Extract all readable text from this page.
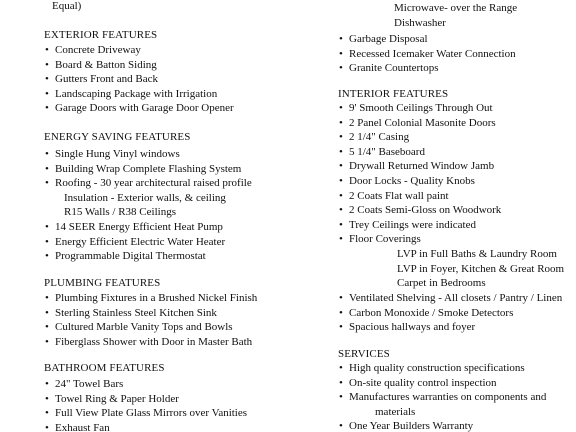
Equal)
EXTERIOR FEATURES
• Concrete Driveway
• Board & Batton Siding
• Gutters Front and Back
• Landscaping Package with Irrigation
• Garage Doors with Garage Door Opener
ENERGY SAVING FEATURES
• Single Hung Vinyl windows
• Building Wrap Complete Flashing System
• Roofing - 30 year architectural raised profile
Insulation - Exterior walls, & ceiling
R15 Walls / R38 Ceilings
• 14 SEER Energy Efficient Heat Pump
• Energy Efficient Electric Water Heater
• Programmable Digital Thermostat
PLUMBING FEATURES
• Plumbing Fixtures in a Brushed Nickel Finish
• Sterling Stainless Steel Kitchen Sink
• Cultured Marble Vanity Tops and Bowls
• Fiberglass Shower with Door in Master Bath
BATHROOM FEATURES
• 24" Towel Bars
• Towel Ring & Paper Holder
• Full View Plate Glass Mirrors over Vanities
• Exhaust Fan
Microwave- over the Range
Dishwasher
• Garbage Disposal
• Recessed Icemaker Water Connection
• Granite Countertops
INTERIOR FEATURES
• 9' Smooth Ceilings Through Out
• 2 Panel Colonial Masonite Doors
• 2 1/4" Casing
• 5 1/4" Baseboard
• Drywall Returned Window Jamb
• Door Locks - Quality Knobs
• 2 Coats Flat wall paint
• 2 Coats Semi-Gloss on Woodwork
• Trey Ceilings were indicated
• Floor Coverings
LVP in Full Baths & Laundry Room
LVP in Foyer, Kitchen & Great Room
Carpet in Bedrooms
• Ventilated Shelving - All closets / Pantry / Linen
• Carbon Monoxide / Smoke Detectors
• Spacious hallways and foyer
SERVICES
• High quality construction specifications
• On-site quality control inspection
• Manufactures warranties on components and
materials
• One Year Builders Warranty
